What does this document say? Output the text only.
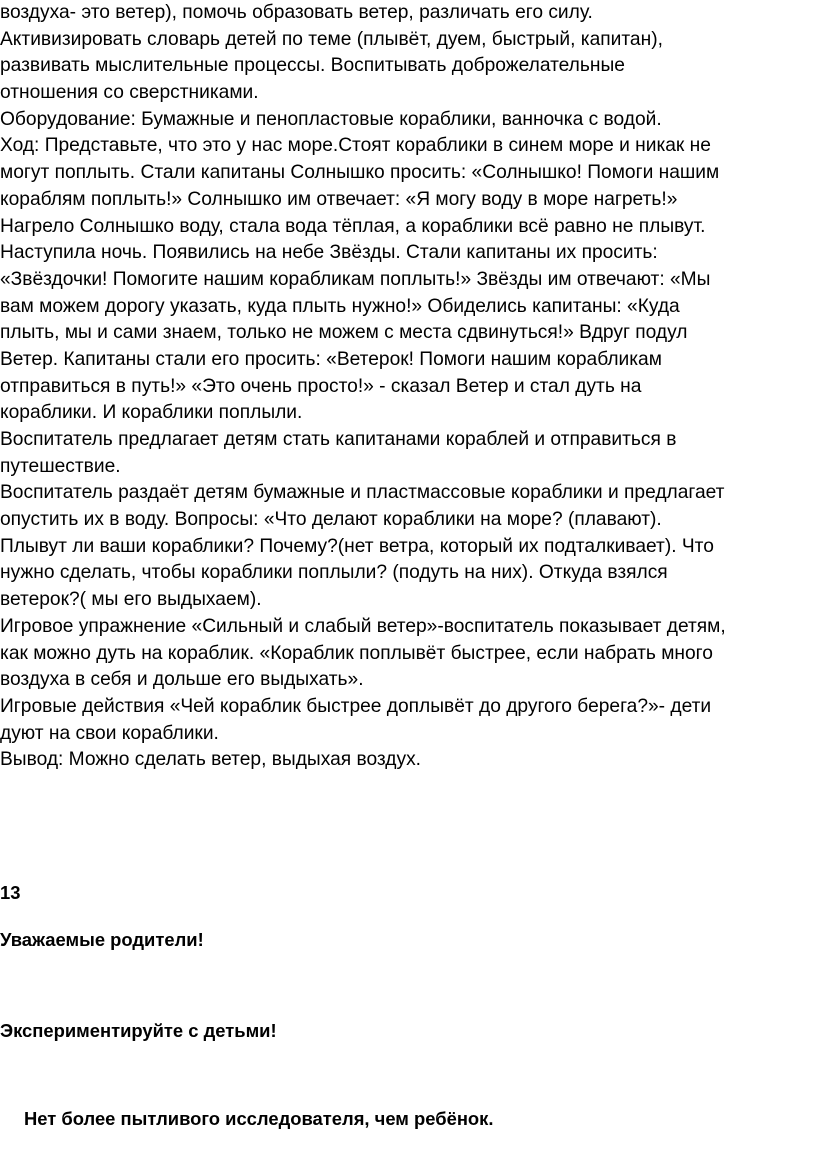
воздуха- это ветер), помочь образовать ветер, различать его силу.
Активизировать словарь детей по теме (плывёт, дуем, быстрый, капитан),
развивать мыслительные процессы. Воспитывать доброжелательные
отношения со сверстниками.
Оборудование: Бумажные и пенопластовые кораблики, ванночка с водой.
Ход: Представьте, что это у нас море.Стоят кораблики в синем море и никак не
могут поплыть. Стали капитаны Солнышко просить: «Солнышко! Помоги нашим
кораблям поплыть!» Солнышко им отвечает: «Я могу воду в море нагреть!»
Нагрело Солнышко воду, стала вода тёплая, а кораблики всё равно не плывут.
Наступила ночь. Появились на небе Звёзды. Стали капитаны их просить:
«Звёздочки! Помогите нашим корабликам поплыть!» Звёзды им отвечают: «Мы
вам можем дорогу указать, куда плыть нужно!» Обиделись капитаны: «Куда
плыть, мы и сами знаем, только не можем с места сдвинуться!» Вдруг подул
Ветер. Капитаны стали его просить: «Ветерок! Помоги нашим корабликам
отправиться в путь!» «Это очень просто!» - сказал Ветер и стал дуть на
кораблики. И кораблики поплыли.
Воспитатель предлагает детям стать капитанами кораблей и отправиться в
путешествие.
Воспитатель раздаёт детям бумажные и пластмассовые кораблики и предлагает
опустить их в воду. Вопросы: «Что делают кораблики на море? (плавают).
Плывут ли ваши кораблики? Почему?(нет ветра, который их подталкивает). Что
нужно сделать, чтобы кораблики поплыли? (подуть на них). Откуда взялся
ветерок?( мы его выдыхаем).
Игровое упражнение «Сильный и слабый ветер»-воспитатель показывает детям,
как можно дуть на кораблик. «Кораблик поплывёт быстрее, если набрать много
воздуха в себя и дольше его выдыхать».
Игровые действия «Чей кораблик быстрее доплывёт до другого берега?»- дети
дуют на свои кораблики.
Вывод: Можно сделать ветер, выдыхая воздух.
13
Уважаемые родители!
Экспериментируйте с детьми!
Нет более пытливого исследователя, чем ребёнок.
